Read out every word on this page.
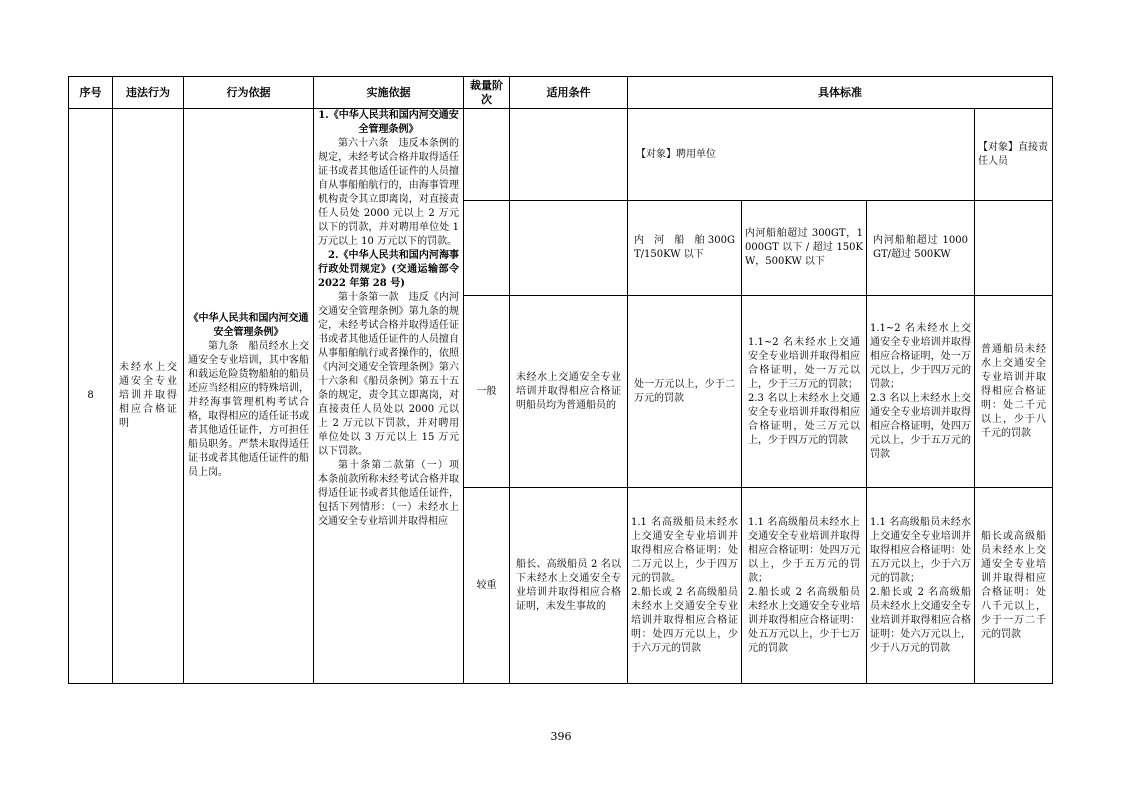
序号	违法行为	行为依据	实施依据	裁量阶次	适用条件	具体标准			
8	未经水上交通安全专业培训并取得相应合格证明	《中华人民共和国内河交通安全管理条例》
第九条　船员经水上交通安全专业培训，其中客船和载运危险货物船舶的船员还应当经相应的特殊培训，并经海事管理机构考试合格，取得相应的适任证书或者其他适任证件，方可担任船员职务。严禁未取得适任证书或者其他适任证件的船员上岗。	1.《中华人民共和国内河交通安全管理条例》
第六十六条　违反本条例的规定，未经考试合格并取得适任证书或者其他适任证件的人员擅自从事船舶航行的，由海事管理机构责令其立即离岗，对直接责任人员处 2000 元以上 2 万元以下的罚款，并对聘用单位处 1 万元以上 10 万元以下的罚款。
2.《中华人民共和国内河海事行政处罚规定》(交通运输部令 2022 年第 28 号)
第十条第一款　违反《内河交通安全管理条例》第九条的规定，未经考试合格并取得适任证书或者其他适任证件的人员擅自从事船舶航行或者操作的，依照《内河交通安全管理条例》第六十六条和《船员条例》第五十五条的规定，责令其立即离岗，对直接责任人员处以 2000 元以上 2 万元以下罚款，并对聘用单位处以 3 万元以上 15 万元以下罚款。
第十条第二款第（一）项　本条前款所称未经考试合格并取得适任证书或者其他适任证件，包括下列情形：（一）未经水上交通安全专业培训并取得相应			【对象】聘用单位			【对象】直接责任人员
						内　河　船　舶 300GT/150KW 以下	内河船舶超过 300GT，1000GT 以下 / 超过 150KW，500KW 以下	内河船舶超过 1000GT/超过 500KW	
				一般	未经水上交通安全专业培训并取得相应合格证明船员均为普通船员的	处一万元以上，少于二万元的罚款	1.1~2 名未经水上交通安全专业培训并取得相应合格证明，处一万元以上，少于三万元的罚款；
2.3 名以上未经水上交通安全专业培训并取得相应合格证明，处三万元以上，少于四万元的罚款	1.1~2 名未经水上交通安全专业培训并取得相应合格证明，处一万元以上，少于四万元的罚款；
2.3 名以上未经水上交通安全专业培训并取得相应合格证明，处四万元以上，少于五万元的罚款	普通船员未经水上交通安全专业培训并取得相应合格证明：处二千元以上，少于八千元的罚款
				较重	船长、高级船员 2 名以下未经水上交通安全专业培训并取得相应合格证明，未发生事故的	1.1 名高级船员未经水上交通安全专业培训并取得相应合格证明：处二万元以上，少于四万元的罚款。
2.船长或 2 名高级船员未经水上交通安全专业培训并取得相应合格证明：处四万元以上，少于六万元的罚款	1.1 名高级船员未经水上交通安全专业培训并取得相应合格证明：处四万元以上，少于五万元的罚款；
2.船长或 2 名高级船员未经水上交通安全专业培训并取得相应合格证明：处五万元以上，少于七万元的罚款	1.1 名高级船员未经水上交通安全专业培训并取得相应合格证明：处五万元以上，少于六万元的罚款；
2.船长或 2 名高级船员未经水上交通安全专业培训并取得相应合格证明：处六万元以上，少于八万元的罚款	船长或高级船员未经水上交通安全专业培训并取得相应合格证明：处八千元以上，少于一万二千元的罚款
396
